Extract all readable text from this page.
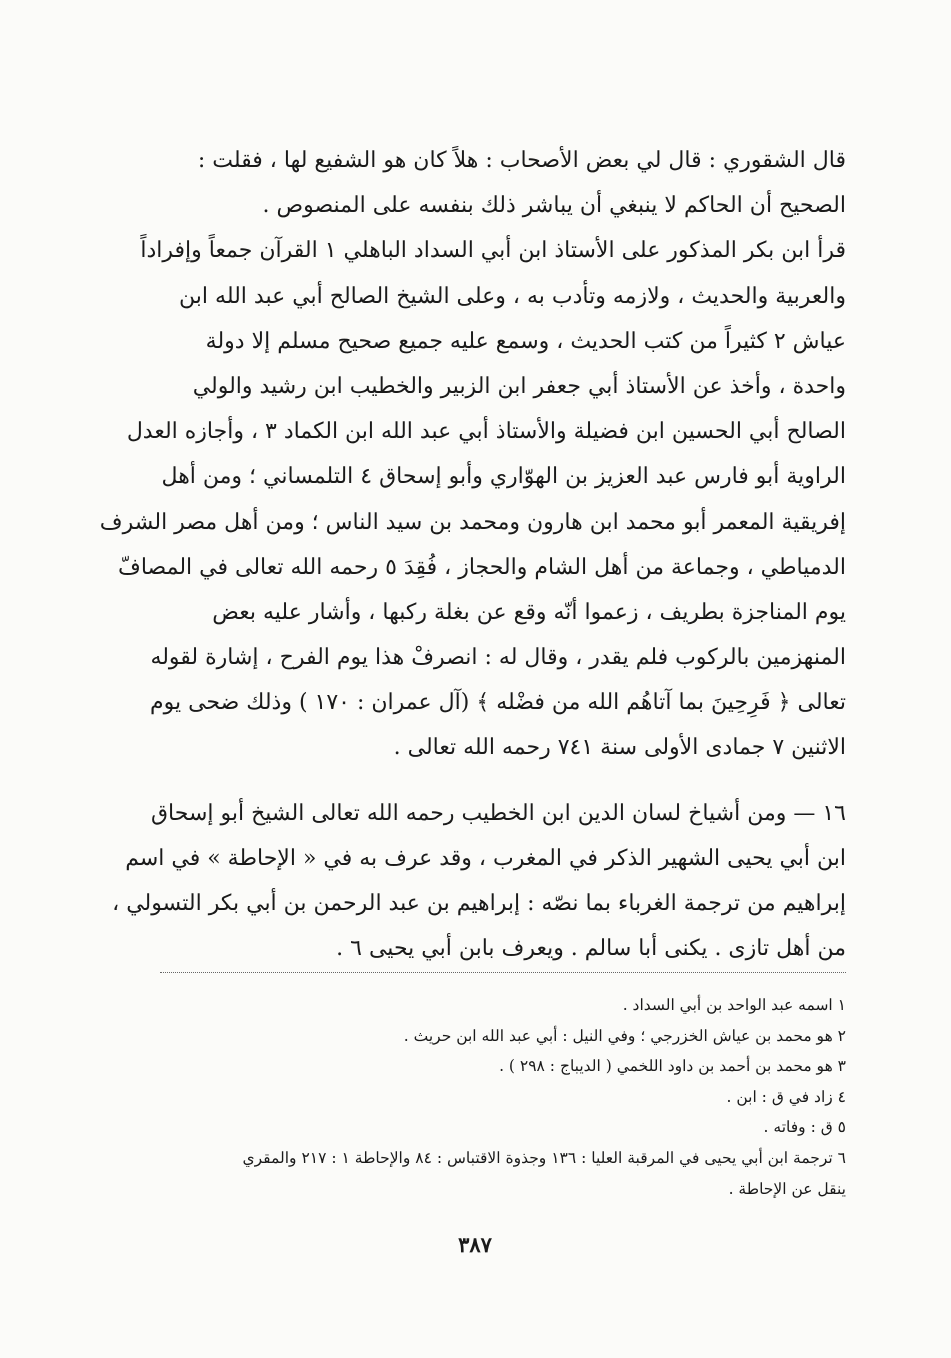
قال الشقوري : قال لي بعض الأصحاب : هلاً كان هو الشفيع لها ، فقلت :
الصحيح أن الحاكم لا ينبغي أن يباشر ذلك بنفسه على المنصوص .
قرأ ابن بكر المذكور على الأستاذ ابن أبي السداد الباهلي ١ القرآن جمعاً وإفراداً
والعربية والحديث ، ولازمه وتأدب به ، وعلى الشيخ الصالح أبي عبد الله ابن
عياش ٢ كثيراً من كتب الحديث ، وسمع عليه جميع صحيح مسلم إلا دولة
واحدة ، وأخذ عن الأستاذ أبي جعفر ابن الزبير والخطيب ابن رشيد والولي
الصالح أبي الحسين ابن فضيلة والأستاذ أبي عبد الله ابن الكماد ٣ ، وأجازه العدل
الراوية أبو فارس عبد العزيز بن الهوّاري وأبو إسحاق ٤ التلمساني ؛ ومن أهل
إفريقية المعمر أبو محمد ابن هارون ومحمد بن سيد الناس ؛ ومن أهل مصر الشرف
الدمياطي ، وجماعة من أهل الشام والحجاز ، فُقِدَ ٥ رحمه الله تعالى في المصافّ
يوم المناجزة بطريف ، زعموا أنّه وقع عن بغلة ركبها ، وأشار عليه بعض
المنهزمين بالركوب فلم يقدر ، وقال له : انصرفْ هذا يوم الفرح ، إشارة لقوله
تعالى ﴿ فَرِحِينَ بما آتاهُم الله من فضْله ﴾ (آل عمران : ١٧٠ ) وذلك ضحى يوم
الاثنين ٧ جمادى الأولى سنة ٧٤١ رحمه الله تعالى .
١٦ — ومن أشياخ لسان الدين ابن الخطيب رحمه الله تعالى الشيخ أبو إسحاق
ابن أبي يحيى الشهير الذكر في المغرب ، وقد عرف به في « الإحاطة » في اسم
إبراهيم من ترجمة الغرباء بما نصّه : إبراهيم بن عبد الرحمن بن أبي بكر التسولي ،
من أهل تازى . يكنى أبا سالم . ويعرف بابن أبي يحيى ٦ .
١ اسمه عبد الواحد بن أبي السداد .
٢ هو محمد بن عياش الخزرجي ؛ وفي النيل : أبي عبد الله ابن حريث .
٣ هو محمد بن أحمد بن داود اللخمي ( الديباج : ٢٩٨ ) .
٤ زاد في ق : ابن .
٥ ق : وفاته .
٦ ترجمة ابن أبي يحيى في المرقبة العليا : ١٣٦ وجذوة الاقتباس : ٨٤ والإحاطة ١ : ٢١٧ والمقري
ينقل عن الإحاطة .
٣٨٧
